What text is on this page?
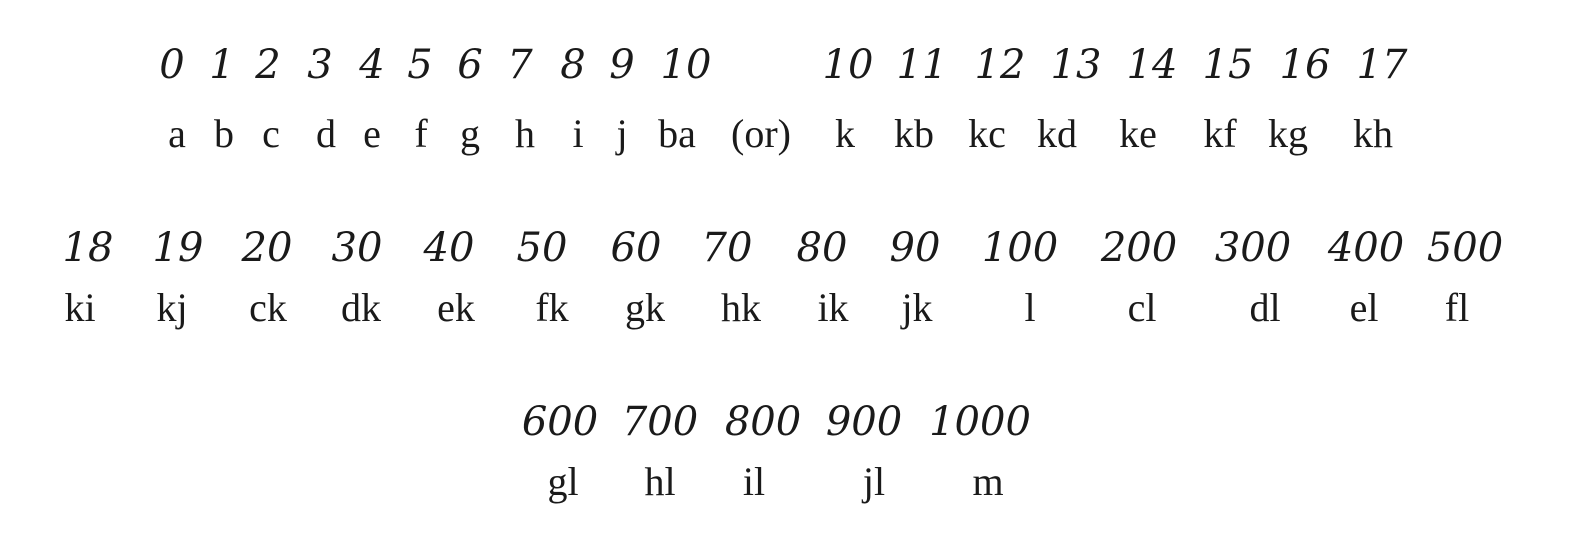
0 1 2 3 4 5 6 7 8 9 10	10 11 12 13 14 15 16 17
a b c d e f g h i j ba (or) k kb kc kd ke kf kg kh
18 19 20 30 40 50 60 70 80 90 100 200 300 400 500
ki kj ck dk ek fk gk hk ik jk l cl dl el fl
600 700 800 900 1000
gl hl il jl m
